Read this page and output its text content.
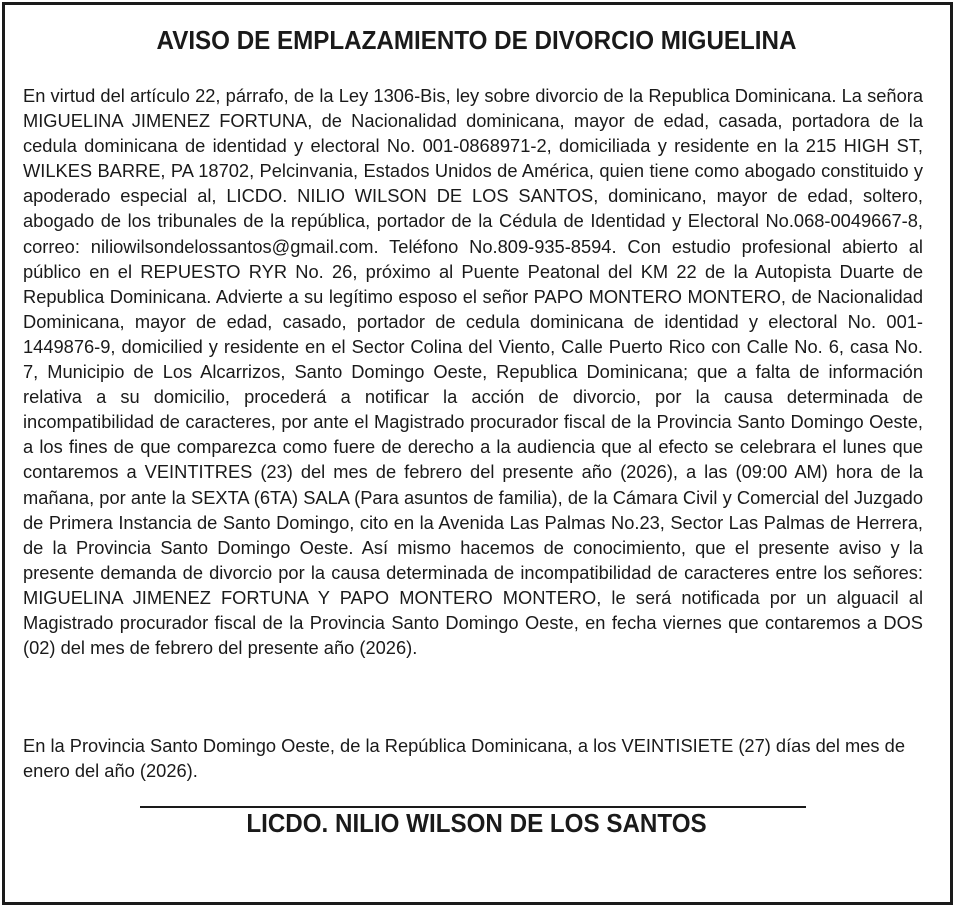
AVISO DE EMPLAZAMIENTO DE DIVORCIO MIGUELINA

En virtud del artículo 22, párrafo, de la Ley 1306-Bis, ley sobre divorcio de la Republica Dominicana. La señora MIGUELINA JIMENEZ FORTUNA, de Nacionalidad dominicana, mayor de edad, casada, portadora de la cedula dominicana de identidad y electoral No. 001-0868971-2, domiciliada y residente en la 215 HIGH ST, WILKES BARRE, PA 18702, Pelcinvania, Estados Unidos de América, quien tiene como abogado constituido y apoderado especial al, LICDO. NILIO WILSON DE LOS SANTOS, dominicano, mayor de edad, soltero, abogado de los tribunales de la república, portador de la Cédula de Identidad y Electoral No.068-0049667-8, correo: niliowilsondelossantos@gmail.com. Teléfono No.809-935-8594. Con estudio profesional abierto al público en el REPUESTO RYR No. 26, próximo al Puente Peatonal del KM 22 de la Autopista Duarte de Republica Dominicana. Advierte a su legítimo esposo el señor PAPO MONTERO MONTERO, de Nacionalidad Dominicana, mayor de edad, casado, portador de cedula dominicana de identidad y electoral No. 001-1449876-9, domicilied y residente en el Sector Colina del Viento, Calle Puerto Rico con Calle No. 6, casa No. 7, Municipio de Los Alcarrizos, Santo Domingo Oeste, Republica Dominicana; que a falta de información relativa a su domicilio, procederá a notificar la acción de divorcio, por la causa determinada de incompatibilidad de caracteres, por ante el Magistrado procurador fiscal de la Provincia Santo Domingo Oeste, a los fines de que comparezca como fuere de derecho a la audiencia que al efecto se celebrara el lunes que contaremos a VEINTITRES (23) del mes de febrero del presente año (2026), a las (09:00 AM) hora de la mañana, por ante la SEXTA (6TA) SALA (Para asuntos de familia), de la Cámara Civil y Comercial del Juzgado de Primera Instancia de Santo Domingo, cito en la Avenida Las Palmas No.23, Sector Las Palmas de Herrera, de la Provincia Santo Domingo Oeste. Así mismo hacemos de conocimiento, que el presente aviso y la presente demanda de divorcio por la causa determinada de incompatibilidad de caracteres entre los señores: MIGUELINA JIMENEZ FORTUNA Y PAPO MONTERO MONTERO, le será notificada por un alguacil al Magistrado procurador fiscal de la Provincia Santo Domingo Oeste, en fecha viernes que contaremos a DOS (02) del mes de febrero del presente año (2026).

En la Provincia Santo Domingo Oeste, de la República Dominicana, a los VEINTISIETE (27) días del mes de enero del año (2026).

LICDO. NILIO WILSON DE LOS SANTOS
